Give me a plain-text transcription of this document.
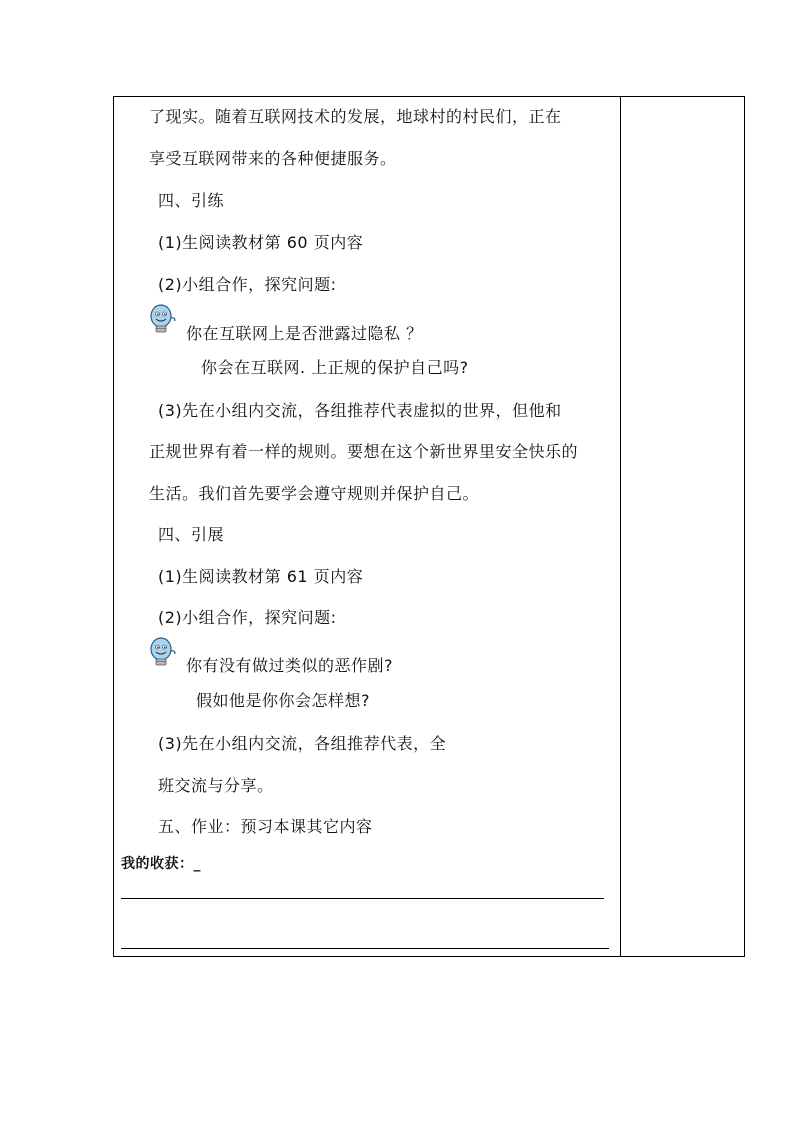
了现实。随着互联网技术的发展，地球村的村民们，正在
享受互联网带来的各种便捷服务。
四、引练
(1)生阅读教材第 60 页内容
(2)小组合作，探究问题:
你在互联网上是否泄露过隐私 ？
你会在互联网. 上正规的保护自己吗?
(3)先在小组内交流，各组推荐代表虚拟的世界，但他和
正规世界有着一样的规则。要想在这个新世界里安全快乐的
生活。我们首先要学会遵守规则并保护自己。
四、引展
(1)生阅读教材第 61 页内容
(2)小组合作，探究问题:
你有没有做过类似的恶作剧?
假如他是你你会怎样想?
(3)先在小组内交流，各组推荐代表，全
班交流与分享。
五、作业：预习本课其它内容
我的收获：_
